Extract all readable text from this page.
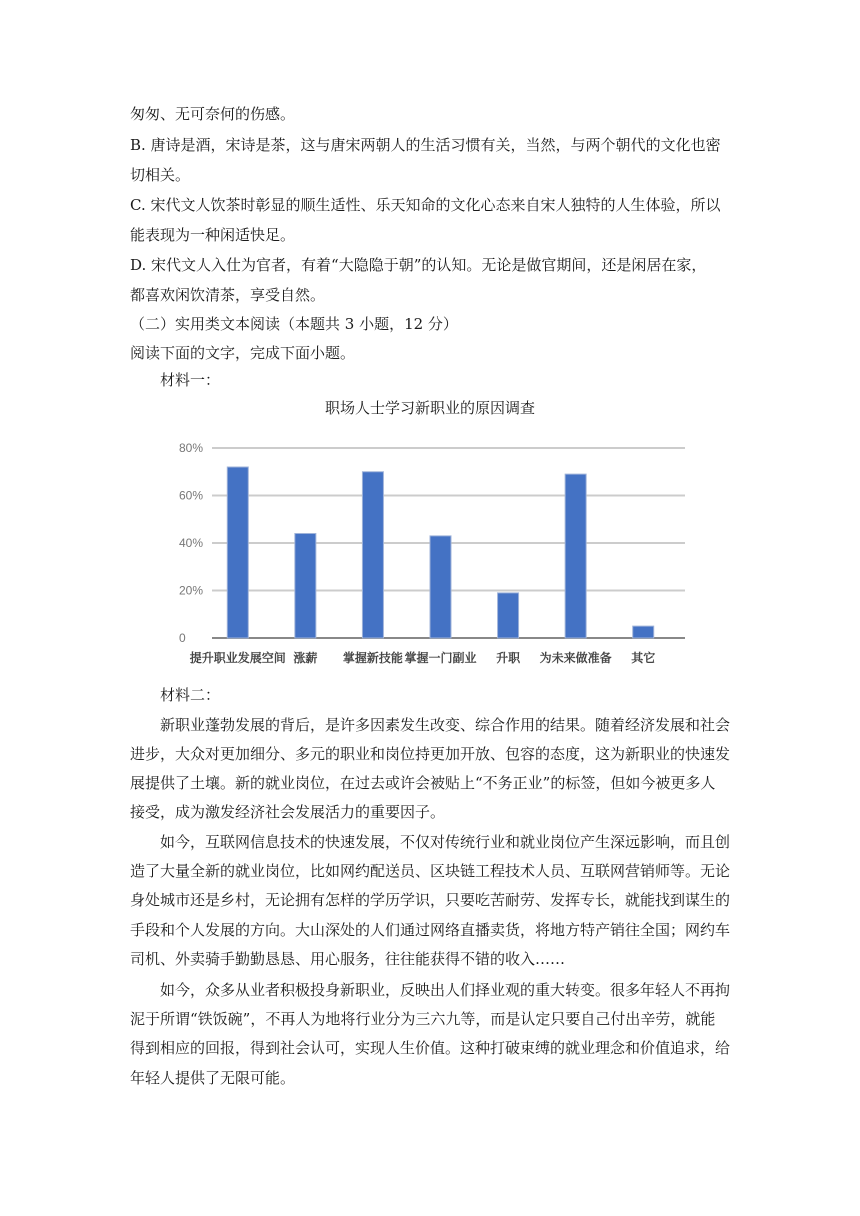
匆匆、无可奈何的伤感。
B. 唐诗是酒，宋诗是茶，这与唐宋两朝人的生活习惯有关，当然，与两个朝代的文化也密
切相关。
C. 宋代文人饮茶时彰显的顺生适性、乐天知命的文化心态来自宋人独特的人生体验，所以
能表现为一种闲适快足。
D. 宋代文人入仕为官者，有着“大隐隐于朝”的认知。无论是做官期间，还是闲居在家，
都喜欢闲饮清茶，享受自然。
（二）实用类文本阅读（本题共 3 小题，12 分）
阅读下面的文字，完成下面小题。
材料一：
职场人士学习新职业的原因调查
0
20%
40%
60%
80%
提升职业发展空间 涨薪 掌握新技能 掌握一门副业 升职 为未来做准备 其它
材料二：
新职业蓬勃发展的背后，是许多因素发生改变、综合作用的结果。随着经济发展和社会
进步，大众对更加细分、多元的职业和岗位持更加开放、包容的态度，这为新职业的快速发
展提供了土壤。新的就业岗位，在过去或许会被贴上“不务正业”的标签，但如今被更多人
接受，成为激发经济社会发展活力的重要因子。
如今，互联网信息技术的快速发展，不仅对传统行业和就业岗位产生深远影响，而且创
造了大量全新的就业岗位，比如网约配送员、区块链工程技术人员、互联网营销师等。无论
身处城市还是乡村，无论拥有怎样的学历学识，只要吃苦耐劳、发挥专长，就能找到谋生的
手段和个人发展的方向。大山深处的人们通过网络直播卖货，将地方特产销往全国；网约车
司机、外卖骑手勤勤恳恳、用心服务，往往能获得不错的收入……
如今，众多从业者积极投身新职业，反映出人们择业观的重大转变。很多年轻人不再拘
泥于所谓“铁饭碗”，不再人为地将行业分为三六九等，而是认定只要自己付出辛劳，就能
得到相应的回报，得到社会认可，实现人生价值。这种打破束缚的就业理念和价值追求，给
年轻人提供了无限可能。
